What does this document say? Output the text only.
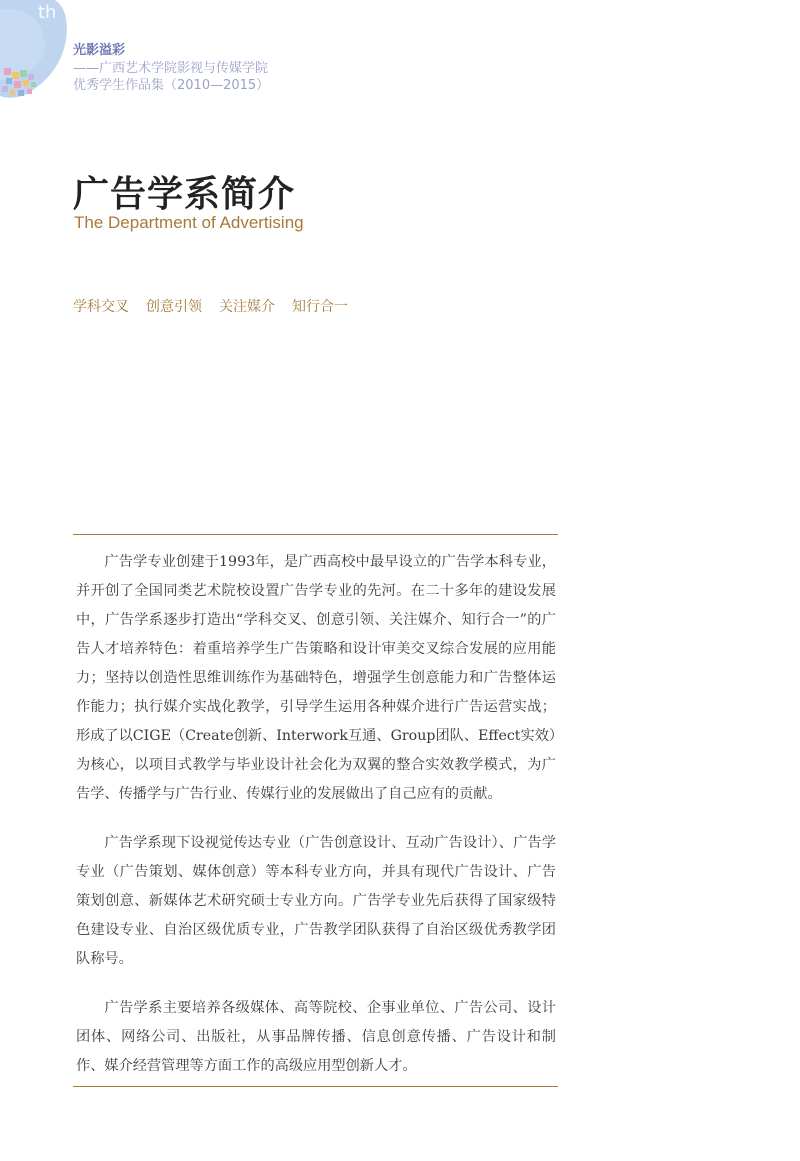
th

光影溢彩

——广西艺术学院影视与传媒学院

优秀学生作品集（2010—2015）

广告学系简介

The Department of Advertising

学科交叉 创意引领 关注媒介 知行合一

广告学专业创建于1993年，是广西高校中最早设立的广告学本科专业，并开创了全国同类艺术院校设置广告学专业的先河。在二十多年的建设发展中，广告学系逐步打造出“学科交叉、创意引领、关注媒介、知行合一”的广告人才培养特色：着重培养学生广告策略和设计审美交叉综合发展的应用能力；坚持以创造性思维训练作为基础特色，增强学生创意能力和广告整体运作能力；执行媒介实战化教学，引导学生运用各种媒介进行广告运营实战；形成了以CIGE（Create创新、Interwork互通、Group团队、Effect实效）为核心，以项目式教学与毕业设计社会化为双翼的整合实效教学模式，为广告学、传播学与广告行业、传媒行业的发展做出了自己应有的贡献。

广告学系现下设视觉传达专业（广告创意设计、互动广告设计）、广告学专业（广告策划、媒体创意）等本科专业方向，并具有现代广告设计、广告策划创意、新媒体艺术研究硕士专业方向。广告学专业先后获得了国家级特色建设专业、自治区级优质专业，广告教学团队获得了自治区级优秀教学团队称号。

广告学系主要培养各级媒体、高等院校、企事业单位、广告公司、设计团体、网络公司、出版社，从事品牌传播、信息创意传播、广告设计和制作、媒介经营管理等方面工作的高级应用型创新人才。
